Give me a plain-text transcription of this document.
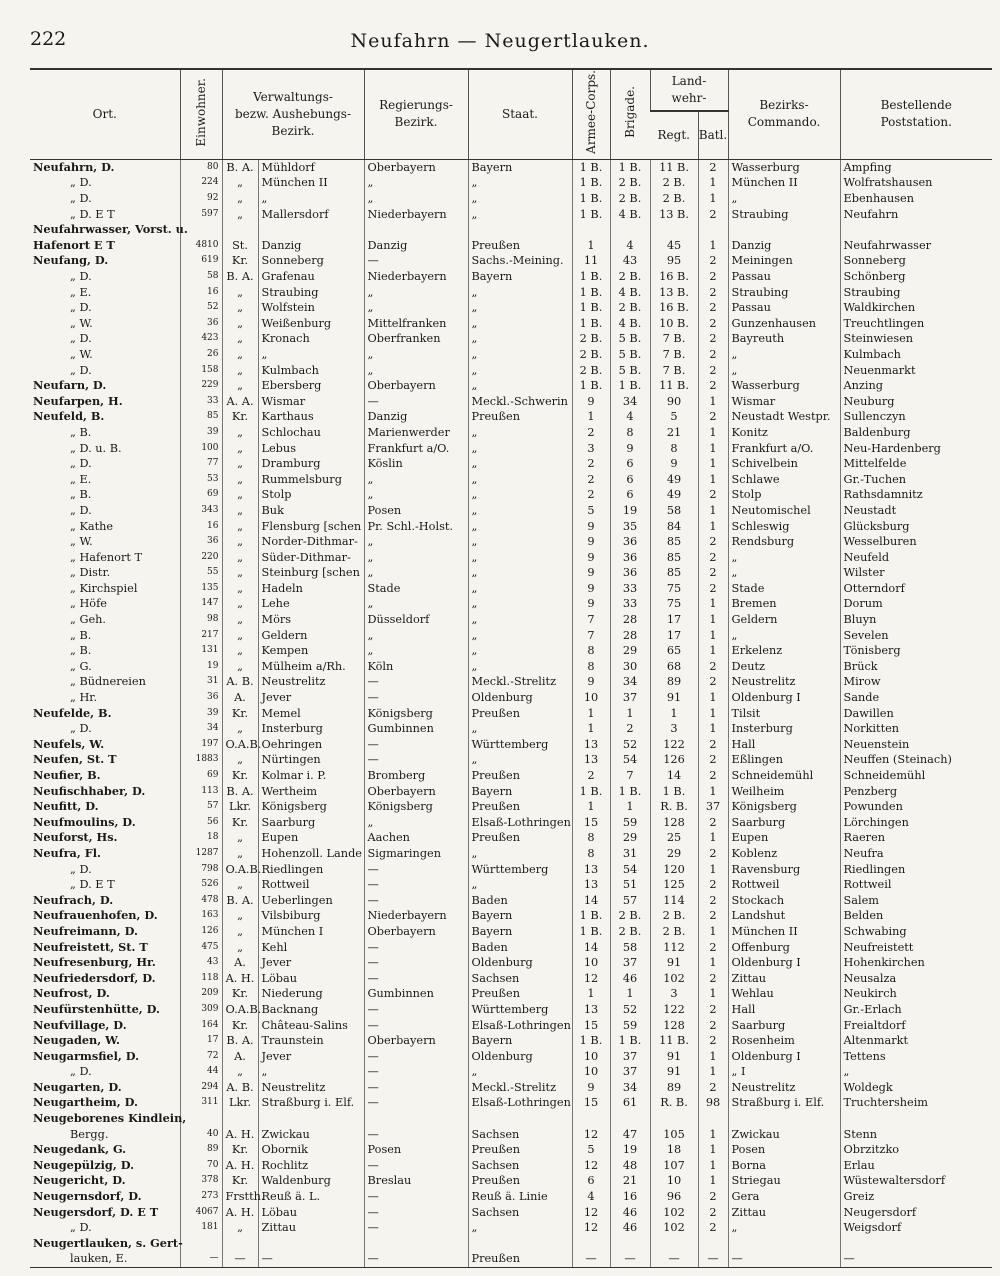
222	Neufahrn — Neugertlauken.
Ort.	Einwohner.	Verwaltungs-
bezw. Aushebungs-
Bezirk.		Regierungs-
Bezirk.	Staat.	Armee-Corps.	Brigade.	Land-
wehr-		Bezirks-
Commando.	Bestellende
Poststation.
								Regt.	Batl.		
Neufahrn, D.	80	B. A.	Mühldorf	Oberbayern	Bayern	1 B.	1 B.	11 B.	2	Wasserburg	Ampfing
„ D.	224	„	München II	„	„	1 B.	2 B.	2 B.	1	München II	Wolfratshausen
„ D.	92	„	„	„	„	1 B.	2 B.	2 B.	1	„	Ebenhausen
„ D. E T	597	„	Mallersdorf	Niederbayern	„	1 B.	4 B.	13 B.	2	Straubing	Neufahrn
Neufahrwasser, Vorst. u.											
Hafenort E T	4810	St.	Danzig	Danzig	Preußen	1	4	45	1	Danzig	Neufahrwasser
Neufang, D.	619	Kr.	Sonneberg	—	Sachs.-Meining.	11	43	95	2	Meiningen	Sonneberg
„ D.	58	B. A.	Grafenau	Niederbayern	Bayern	1 B.	2 B.	16 B.	2	Passau	Schönberg
„ E.	16	„	Straubing	„	„	1 B.	4 B.	13 B.	2	Straubing	Straubing
„ D.	52	„	Wolfstein	„	„	1 B.	2 B.	16 B.	2	Passau	Waldkirchen
„ W.	36	„	Weißenburg	Mittelfranken	„	1 B.	4 B.	10 B.	2	Gunzenhausen	Treuchtlingen
„ D.	423	„	Kronach	Oberfranken	„	2 B.	5 B.	7 B.	2	Bayreuth	Steinwiesen
„ W.	26	„	„	„	„	2 B.	5 B.	7 B.	2	„	Kulmbach
„ D.	158	„	Kulmbach	„	„	2 B.	5 B.	7 B.	2	„	Neuenmarkt
Neufarn, D.	229	„	Ebersberg	Oberbayern	„	1 B.	1 B.	11 B.	2	Wasserburg	Anzing
Neufarpen, H.	33	A. A.	Wismar	—	Meckl.-Schwerin	9	34	90	1	Wismar	Neuburg
Neufeld, B.	85	Kr.	Karthaus	Danzig	Preußen	1	4	5	2	Neustadt Westpr.	Sullenczyn
„ B.	39	„	Schlochau	Marienwerder	„	2	8	21	1	Konitz	Baldenburg
„ D. u. B.	100	„	Lebus	Frankfurt a/O.	„	3	9	8	1	Frankfurt a/O.	Neu-Hardenberg
„ D.	77	„	Dramburg	Köslin	„	2	6	9	1	Schivelbein	Mittelfelde
„ E.	53	„	Rummelsburg	„	„	2	6	49	1	Schlawe	Gr.-Tuchen
„ B.	69	„	Stolp	„	„	2	6	49	2	Stolp	Rathsdamnitz
„ D.	343	„	Buk	Posen	„	5	19	58	1	Neutomischel	Neustadt
„ Kathe	16	„	Flensburg [schen	Pr. Schl.-Holst.	„	9	35	84	1	Schleswig	Glücksburg
„ W.	36	„	Norder-Dithmar-	„	„	9	36	85	2	Rendsburg	Wesselburen
„ Hafenort T	220	„	Süder-Dithmar-	„	„	9	36	85	2	„	Neufeld
„ Distr.	55	„	Steinburg [schen	„	„	9	36	85	2	„	Wilster
„ Kirchspiel	135	„	Hadeln	Stade	„	9	33	75	2	Stade	Otterndorf
„ Höfe	147	„	Lehe	„	„	9	33	75	1	Bremen	Dorum
„ Geh.	98	„	Mörs	Düsseldorf	„	7	28	17	1	Geldern	Bluyn
„ B.	217	„	Geldern	„	„	7	28	17	1	„	Sevelen
„ B.	131	„	Kempen	„	„	8	29	65	1	Erkelenz	Tönisberg
„ G.	19	„	Mülheim a/Rh.	Köln	„	8	30	68	2	Deutz	Brück
„ Büdnereien	31	A. B.	Neustrelitz	—	Meckl.-Strelitz	9	34	89	2	Neustrelitz	Mirow
„ Hr.	36	A.	Jever	—	Oldenburg	10	37	91	1	Oldenburg I	Sande
Neufelde, B.	39	Kr.	Memel	Königsberg	Preußen	1	1	1	1	Tilsit	Dawillen
„ D.	34	„	Insterburg	Gumbinnen	„	1	2	3	1	Insterburg	Norkitten
Neufels, W.	197	O.A.B.	Oehringen	—	Württemberg	13	52	122	2	Hall	Neuenstein
Neufen, St. T	1883	„	Nürtingen	—	„	13	54	126	2	Eßlingen	Neuffen (Steinach)
Neufier, B.	69	Kr.	Kolmar i. P.	Bromberg	Preußen	2	7	14	2	Schneidemühl	Schneidemühl
Neufischhaber, D.	113	B. A.	Wertheim	Oberbayern	Bayern	1 B.	1 B.	1 B.	1	Weilheim	Penzberg
Neufitt, D.	57	Lkr.	Königsberg	Königsberg	Preußen	1	1	R. B.	37	Königsberg	Powunden
Neufmoulins, D.	56	Kr.	Saarburg	„	Elsaß-Lothringen	15	59	128	2	Saarburg	Lörchingen
Neuforst, Hs.	18	„	Eupen	Aachen	Preußen	8	29	25	1	Eupen	Raeren
Neufra, Fl.	1287	„	Hohenzoll. Lande	Sigmaringen	„	8	31	29	2	Koblenz	Neufra
„ D.	798	O.A.B.	Riedlingen	—	Württemberg	13	54	120	1	Ravensburg	Riedlingen
„ D. E T	526	„	Rottweil	—	„	13	51	125	2	Rottweil	Rottweil
Neufrach, D.	478	B. A.	Ueberlingen	—	Baden	14	57	114	2	Stockach	Salem
Neufrauenhofen, D.	163	„	Vilsbiburg	Niederbayern	Bayern	1 B.	2 B.	2 B.	2	Landshut	Belden
Neufreimann, D.	126	„	München I	Oberbayern	Bayern	1 B.	2 B.	2 B.	1	München II	Schwabing
Neufreistett, St. T	475	„	Kehl	—	Baden	14	58	112	2	Offenburg	Neufreistett
Neufresenburg, Hr.	43	A.	Jever	—	Oldenburg	10	37	91	1	Oldenburg I	Hohenkirchen
Neufriedersdorf, D.	118	A. H.	Löbau	—	Sachsen	12	46	102	2	Zittau	Neusalza
Neufrost, D.	209	Kr.	Niederung	Gumbinnen	Preußen	1	1	3	1	Wehlau	Neukirch
Neufürstenhütte, D.	309	O.A.B.	Backnang	—	Württemberg	13	52	122	2	Hall	Gr.-Erlach
Neufvillage, D.	164	Kr.	Château-Salins	—	Elsaß-Lothringen	15	59	128	2	Saarburg	Freialtdorf
Neugaden, W.	17	B. A.	Traunstein	Oberbayern	Bayern	1 B.	1 B.	11 B.	2	Rosenheim	Altenmarkt
Neugarmsfiel, D.	72	A.	Jever	—	Oldenburg	10	37	91	1	Oldenburg I	Tettens
„ D.	44	„	„	—	„	10	37	91	1	„ I	„
Neugarten, D.	294	A. B.	Neustrelitz	—	Meckl.-Strelitz	9	34	89	2	Neustrelitz	Woldegk
Neugartheim, D.	311	Lkr.	Straßburg i. Elf.	—	Elsaß-Lothringen	15	61	R. B.	98	Straßburg i. Elf.	Truchtersheim
Neugeborenes Kindlein,											
Bergg.	40	A. H.	Zwickau	—	Sachsen	12	47	105	1	Zwickau	Stenn
Neugedank, G.	89	Kr.	Obornik	Posen	Preußen	5	19	18	1	Posen	Obrzitzko
Neugepülzig, D.	70	A. H.	Rochlitz	—	Sachsen	12	48	107	1	Borna	Erlau
Neugericht, D.	378	Kr.	Waldenburg	Breslau	Preußen	6	21	10	1	Striegau	Wüstewaltersdorf
Neugernsdorf, D.	273	Frstth.	Reuß ä. L.	—	Reuß ä. Linie	4	16	96	2	Gera	Greiz
Neugersdorf, D. E T	4067	A. H.	Löbau	—	Sachsen	12	46	102	2	Zittau	Neugersdorf
„ D.	181	„	Zittau	—	„	12	46	102	2	„	Weigsdorf
Neugertlauken, s. Gert-											
lauken, E.	—	—	—	—	Preußen	—	—	—	—	—	—
